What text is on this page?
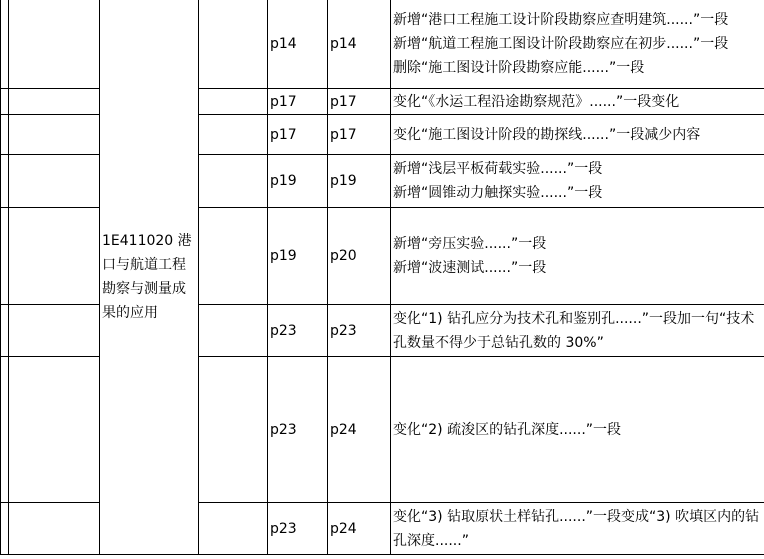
		1E411020 港口与航道工程勘察与测量成果的应用		p14	p14	新增“港口工程施工设计阶段勘察应查明建筑......”一段
新增“航道工程施工图设计阶段勘察应在初步......”一段
删除“施工图设计阶段勘察应能......”一段

				p17	p17	变化“《水运工程沿途勘察规范》......”一段变化

				p17	p17	变化“施工图设计阶段的勘探线......”一段减少内容

				p19	p19	新增“浅层平板荷载实验......”一段
新增“圆锥动力触探实验......”一段

				p19	p20	新增“旁压实验......”一段
新增“波速测试......”一段

				p23	p23	变化“1) 钻孔应分为技术孔和鉴别孔......”一段加一句“技术孔数量不得少于总钻孔数的 30%”

				p23	p24	变化“2) 疏浚区的钻孔深度......”一段

				p23	p24	变化“3) 钻取原状土样钻孔......”一段变成“3) 吹填区内的钻孔深度......”
